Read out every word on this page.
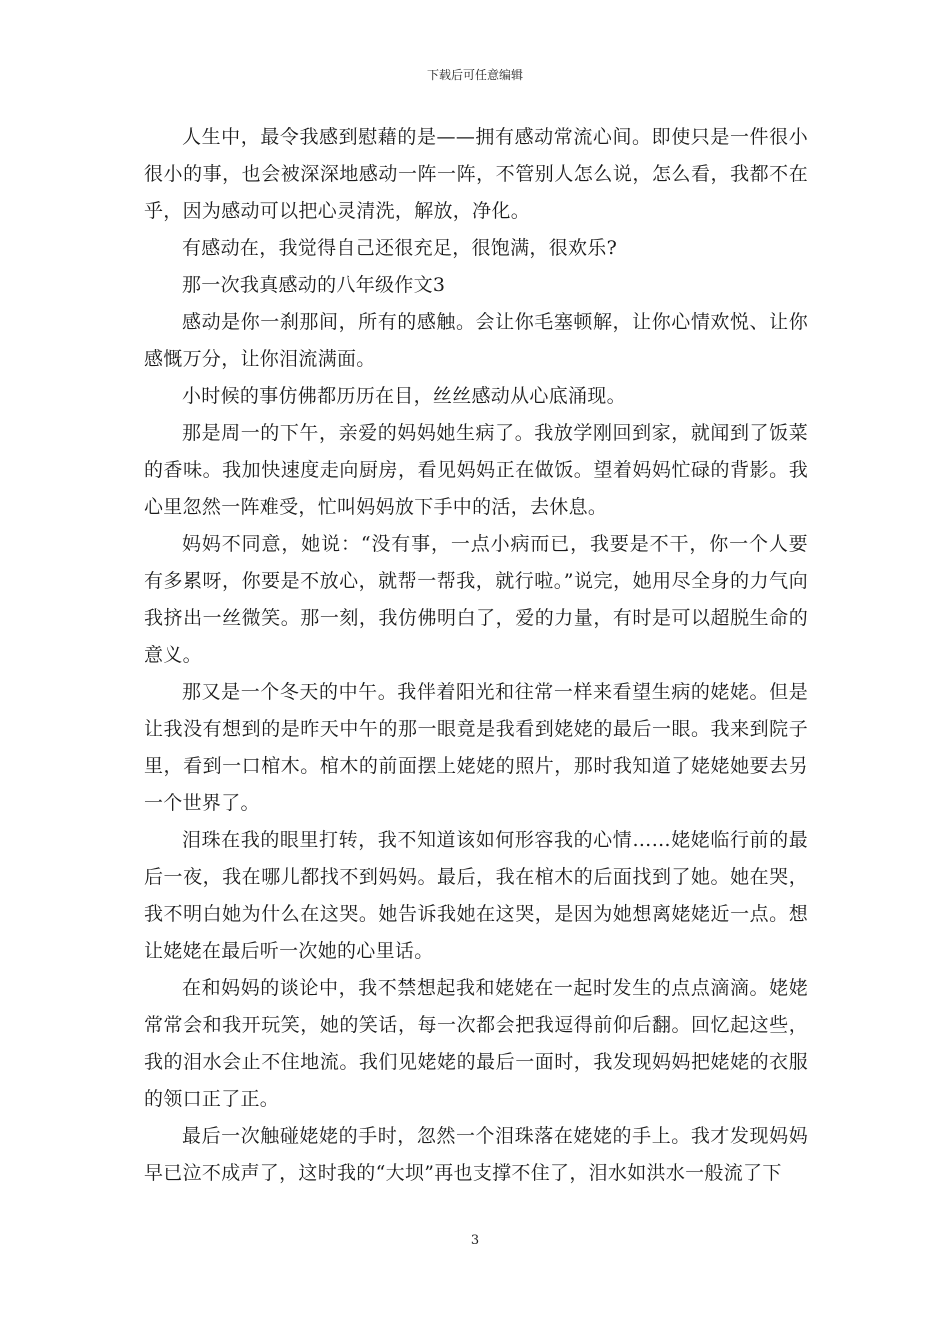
下载后可任意编辑

人生中，最令我感到慰藉的是——拥有感动常流心间。即使只是一件很小很小的事，也会被深深地感动一阵一阵，不管别人怎么说，怎么看，我都不在乎，因为感动可以把心灵清洗，解放，净化。

有感动在，我觉得自己还很充足，很饱满，很欢乐?

那一次我真感动的八年级作文3

感动是你一刹那间，所有的感触。会让你毛塞顿解，让你心情欢悦、让你感慨万分，让你泪流满面。

小时候的事仿佛都历历在目，丝丝感动从心底涌现。

那是周一的下午，亲爱的妈妈她生病了。我放学刚回到家，就闻到了饭菜的香味。我加快速度走向厨房，看见妈妈正在做饭。望着妈妈忙碌的背影。我心里忽然一阵难受，忙叫妈妈放下手中的活，去休息。

妈妈不同意，她说：“没有事，一点小病而已，我要是不干，你一个人要有多累呀，你要是不放心，就帮一帮我，就行啦。”说完，她用尽全身的力气向我挤出一丝微笑。那一刻，我仿佛明白了，爱的力量，有时是可以超脱生命的意义。

那又是一个冬天的中午。我伴着阳光和往常一样来看望生病的姥姥。但是让我没有想到的是昨天中午的那一眼竟是我看到姥姥的最后一眼。我来到院子里，看到一口棺木。棺木的前面摆上姥姥的照片，那时我知道了姥姥她要去另一个世界了。

泪珠在我的眼里打转，我不知道该如何形容我的心情……姥姥临行前的最后一夜，我在哪儿都找不到妈妈。最后，我在棺木的后面找到了她。她在哭，我不明白她为什么在这哭。她告诉我她在这哭，是因为她想离姥姥近一点。想让姥姥在最后听一次她的心里话。

在和妈妈的谈论中，我不禁想起我和姥姥在一起时发生的点点滴滴。姥姥常常会和我开玩笑，她的笑话，每一次都会把我逗得前仰后翻。回忆起这些，我的泪水会止不住地流。我们见姥姥的最后一面时，我发现妈妈把姥姥的衣服的领口正了正。

最后一次触碰姥姥的手时，忽然一个泪珠落在姥姥的手上。我才发现妈妈早已泣不成声了，这时我的“大坝”再也支撑不住了，泪水如洪水一般流了下

3
